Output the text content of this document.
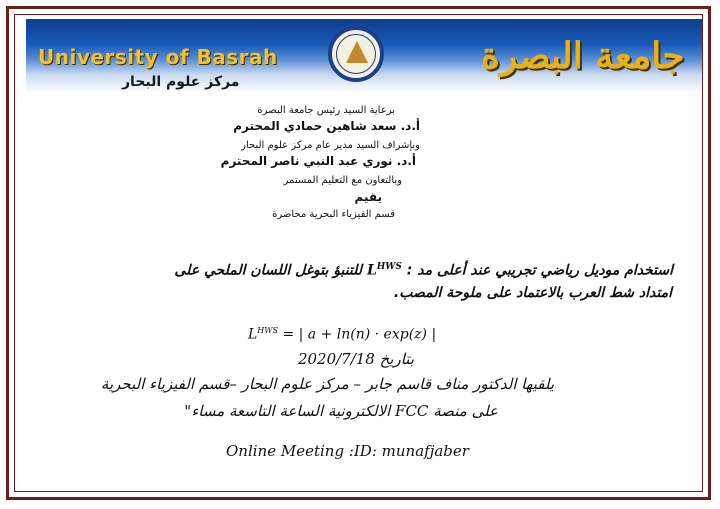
University of Basrah
مركز علوم البحار
جامعة البصرة
برعاية السيد رئيس جامعة البصرة
أ.د. سعد شاهين حمادي المحترم
وبإشراف السيد مدير عام مركز علوم البحار
أ.د. نوري عبد النبي ناصر المحترم
وبالتعاون مع التعليم المستمر
يقيم
قسم الفيزياء البحرية محاضرة
استخدام موديل رياضي تجريبي عند أعلى مد : $L^{HWS}$ للتنبؤ بتوغل اللسان الملحي على
امتداد شط العرب بالاعتماد على ملوحة المصب.
$L^{HWS}$ = | a + ln(n) · exp(z) |
بتاريخ 2020/7/18
يلقيها الدكتور مناف قاسم جابر – مركز علوم البحار –قسم الفيزياء البحرية
على منصة FCC الالكترونية الساعة التاسعة مساء"
Online Meeting :ID: munafjaber
